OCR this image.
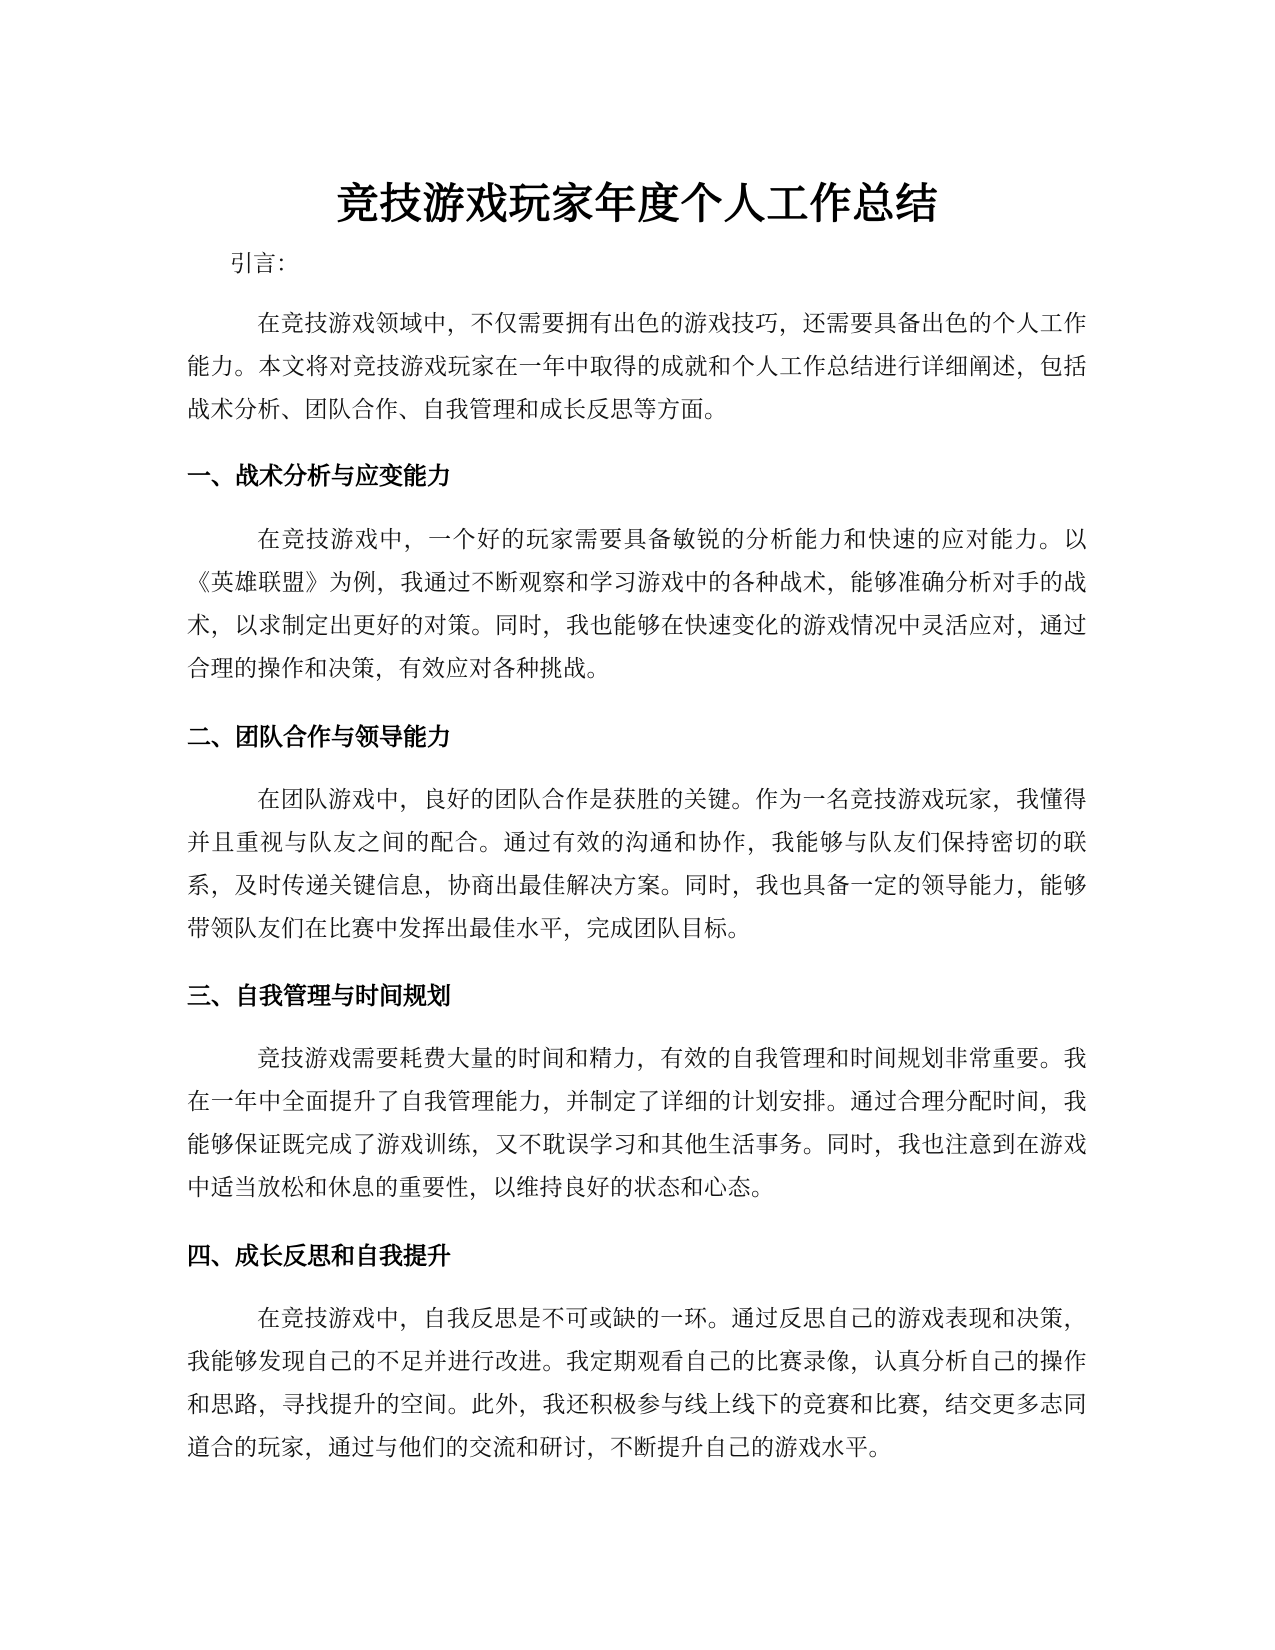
竞技游戏玩家年度个人工作总结
引言：

在竞技游戏领域中，不仅需要拥有出色的游戏技巧，还需要具备出色的个人工作能力。本文将对竞技游戏玩家在一年中取得的成就和个人工作总结进行详细阐述，包括战术分析、团队合作、自我管理和成长反思等方面。

一、战术分析与应变能力

在竞技游戏中，一个好的玩家需要具备敏锐的分析能力和快速的应对能力。以《英雄联盟》为例，我通过不断观察和学习游戏中的各种战术，能够准确分析对手的战术，以求制定出更好的对策。同时，我也能够在快速变化的游戏情况中灵活应对，通过合理的操作和决策，有效应对各种挑战。

二、团队合作与领导能力

在团队游戏中，良好的团队合作是获胜的关键。作为一名竞技游戏玩家，我懂得并且重视与队友之间的配合。通过有效的沟通和协作，我能够与队友们保持密切的联系，及时传递关键信息，协商出最佳解决方案。同时，我也具备一定的领导能力，能够带领队友们在比赛中发挥出最佳水平，完成团队目标。

三、自我管理与时间规划

竞技游戏需要耗费大量的时间和精力，有效的自我管理和时间规划非常重要。我在一年中全面提升了自我管理能力，并制定了详细的计划安排。通过合理分配时间，我能够保证既完成了游戏训练，又不耽误学习和其他生活事务。同时，我也注意到在游戏中适当放松和休息的重要性，以维持良好的状态和心态。

四、成长反思和自我提升

在竞技游戏中，自我反思是不可或缺的一环。通过反思自己的游戏表现和决策，我能够发现自己的不足并进行改进。我定期观看自己的比赛录像，认真分析自己的操作和思路，寻找提升的空间。此外，我还积极参与线上线下的竞赛和比赛，结交更多志同道合的玩家，通过与他们的交流和研讨，不断提升自己的游戏水平。
